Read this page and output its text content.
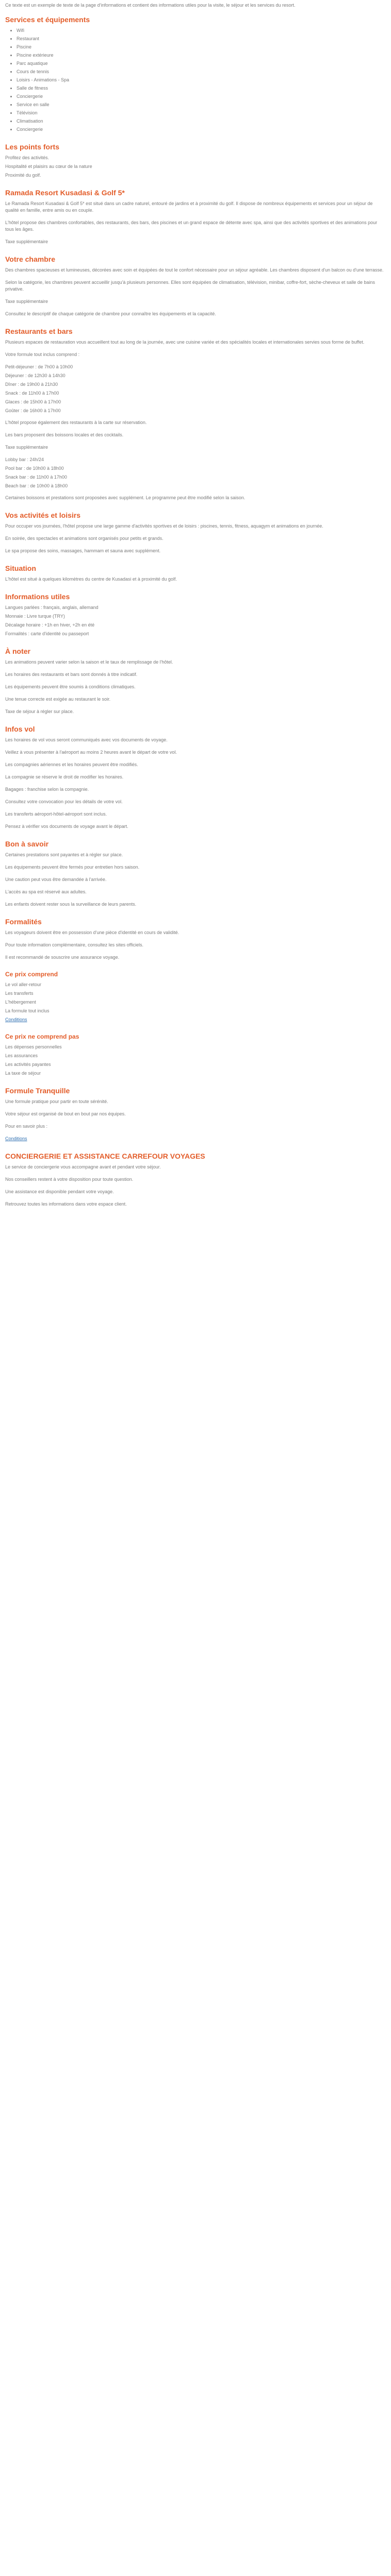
Ce texte est un exemple de texte de la page d'informations et contient des informations utiles pour la visite, le séjour et les services du resort.

Services et équipements
• Wifi
• Restaurant
• Piscine
• Piscine extérieure
• Parc aquatique
• Cours de tennis
• Loisirs - Animations - Spa
• Salle de fitness
• Conciergerie
• Service en salle
• Télévision
• Climatisation
• Conciergerie
Les points forts
Profitez des activités.
Hospitalité et plaisirs au cœur de la nature
Proximité du golf.
Ramada Resort Kusadasi & Golf 5*

Le Ramada Resort Kusadasi & Golf 5* est situé dans un cadre naturel, entouré de jardins et à proximité du golf. Il dispose de nombreux équipements et services pour un séjour de qualité en famille, entre amis ou en couple.

L'hôtel propose des chambres confortables, des restaurants, des bars, des piscines et un grand espace de détente avec spa, ainsi que des activités sportives et des animations pour tous les âges.

Taxe supplémentaire

Votre chambre

Des chambres spacieuses et lumineuses, décorées avec soin et équipées de tout le confort nécessaire pour un séjour agréable. Les chambres disposent d'un balcon ou d'une terrasse.

Selon la catégorie, les chambres peuvent accueillir jusqu'à plusieurs personnes. Elles sont équipées de climatisation, télévision, minibar, coffre-fort, sèche-cheveux et salle de bains privative.

Taxe supplémentaire

Consultez le descriptif de chaque catégorie de chambre pour connaître les équipements et la capacité.

Restaurants et bars

Plusieurs espaces de restauration vous accueillent tout au long de la journée, avec une cuisine variée et des spécialités locales et internationales servies sous forme de buffet.

Votre formule tout inclus comprend :

Petit-déjeuner : de 7h00 à 10h00
Déjeuner : de 12h30 à 14h30
Dîner : de 19h00 à 21h30
Snack : de 11h00 à 17h00
Glaces : de 15h00 à 17h00
Goûter : de 16h00 à 17h00

L'hôtel propose également des restaurants à la carte sur réservation.

Les bars proposent des boissons locales et des cocktails.

Taxe supplémentaire

Lobby bar : 24h/24
Pool bar : de 10h00 à 18h00
Snack bar : de 11h00 à 17h00
Beach bar : de 10h00 à 18h00

Certaines boissons et prestations sont proposées avec supplément. Le programme peut être modifié selon la saison.

Vos activités et loisirs

Pour occuper vos journées, l'hôtel propose une large gamme d'activités sportives et de loisirs : piscines, tennis, fitness, aquagym et animations en journée.

En soirée, des spectacles et animations sont organisés pour petits et grands.

Le spa propose des soins, massages, hammam et sauna avec supplément.

Situation

L'hôtel est situé à quelques kilomètres du centre de Kusadasi et à proximité du golf.

Informations utiles
Langues parlées : français, anglais, allemand
Monnaie : Livre turque (TRY)
Décalage horaire : +1h en hiver, +2h en été
Formalités : carte d'identité ou passeport
À noter

Les animations peuvent varier selon la saison et le taux de remplissage de l'hôtel.

Les horaires des restaurants et bars sont donnés à titre indicatif.

Les équipements peuvent être soumis à conditions climatiques.

Une tenue correcte est exigée au restaurant le soir.

Taxe de séjour à régler sur place.

Infos vol

Les horaires de vol vous seront communiqués avec vos documents de voyage.

Veillez à vous présenter à l'aéroport au moins 2 heures avant le départ de votre vol.

Les compagnies aériennes et les horaires peuvent être modifiés.

La compagnie se réserve le droit de modifier les horaires.

Bagages : franchise selon la compagnie.

Consultez votre convocation pour les détails de votre vol.

Les transferts aéroport-hôtel-aéroport sont inclus.

Pensez à vérifier vos documents de voyage avant le départ.

Bon à savoir

Certaines prestations sont payantes et à régler sur place.

Les équipements peuvent être fermés pour entretien hors saison.

Une caution peut vous être demandée à l'arrivée.

L'accès au spa est réservé aux adultes.

Les enfants doivent rester sous la surveillance de leurs parents.

Formalités

Les voyageurs doivent être en possession d'une pièce d'identité en cours de validité.

Pour toute information complémentaire, consultez les sites officiels.

Il est recommandé de souscrire une assurance voyage.

Ce prix comprend
Le vol aller-retour
Les transferts
L'hébergement
La formule tout inclus
Conditions
Ce prix ne comprend pas
Les dépenses personnelles
Les assurances
Les activités payantes
La taxe de séjour
Formule Tranquille

Une formule pratique pour partir en toute sérénité.

Votre séjour est organisé de bout en bout par nos équipes.

Pour en savoir plus :

Conditions
CONCIERGERIE ET ASSISTANCE CARREFOUR VOYAGES

Le service de conciergerie vous accompagne avant et pendant votre séjour.

Nos conseillers restent à votre disposition pour toute question.

Une assistance est disponible pendant votre voyage.

Retrouvez toutes les informations dans votre espace client.
